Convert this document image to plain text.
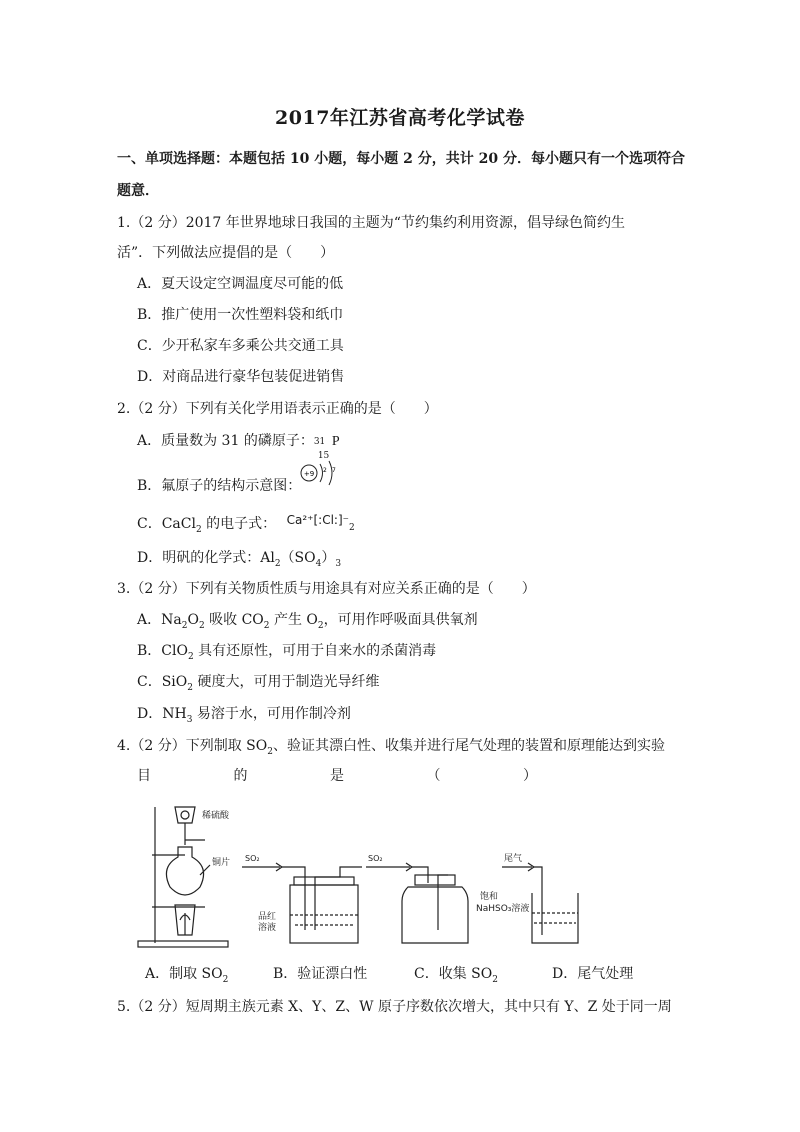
2017年江苏省高考化学试卷
一、单项选择题：本题包括 10 小题，每小题 2 分，共计 20 分．每小题只有一个选项符合
题意．
1.（2 分）2017 年世界地球日我国的主题为“节约集约利用资源，倡导绿色简约生
活”．下列做法应提倡的是（　　）
A．夏天设定空调温度尽可能的低
B．推广使用一次性塑料袋和纸巾
C．少开私家车多乘公共交通工具
D．对商品进行豪华包装促进销售
2.（2 分）下列有关化学用语表示正确的是（　　）
A．质量数为 31 的磷原子： 31
15
P
B．氟原子的结构示意图：
+9 2 7
C．CaCl$_2$ 的电子式： $Ca^{2+}[:Cl:]^-_2$
D．明矾的化学式：$Al_2(SO_4)_3$
3.（2 分）下列有关物质性质与用途具有对应关系正确的是（　　）
A．$Na_2O_2$ 吸收 $CO_2$ 产生 $O_2$，可用作呼吸面具供氧剂
B．ClO$_2$ 具有还原性，可用于自来水的杀菌消毒
C．SiO$_2$ 硬度大，可用于制造光导纤维
D．$NH_3$ 易溶于水，可用作制冷剂
4.（2 分）下列制取 $SO_2$、验证其漂白性、收集并进行尾气处理的装置和原理能达到实验
目	的	是	（	）
稀硫酸
铜片 SO₂
品红
溶液
SO₂	尾气
饱和
NaHSO₃溶液
A．制取 $SO_2$	B．验证漂白性	C．收集 $SO_2$	D．尾气处理
5.（2 分）短周期主族元素 X、Y、Z、W 原子序数依次增大，其中只有 Y、Z 处于同一周
